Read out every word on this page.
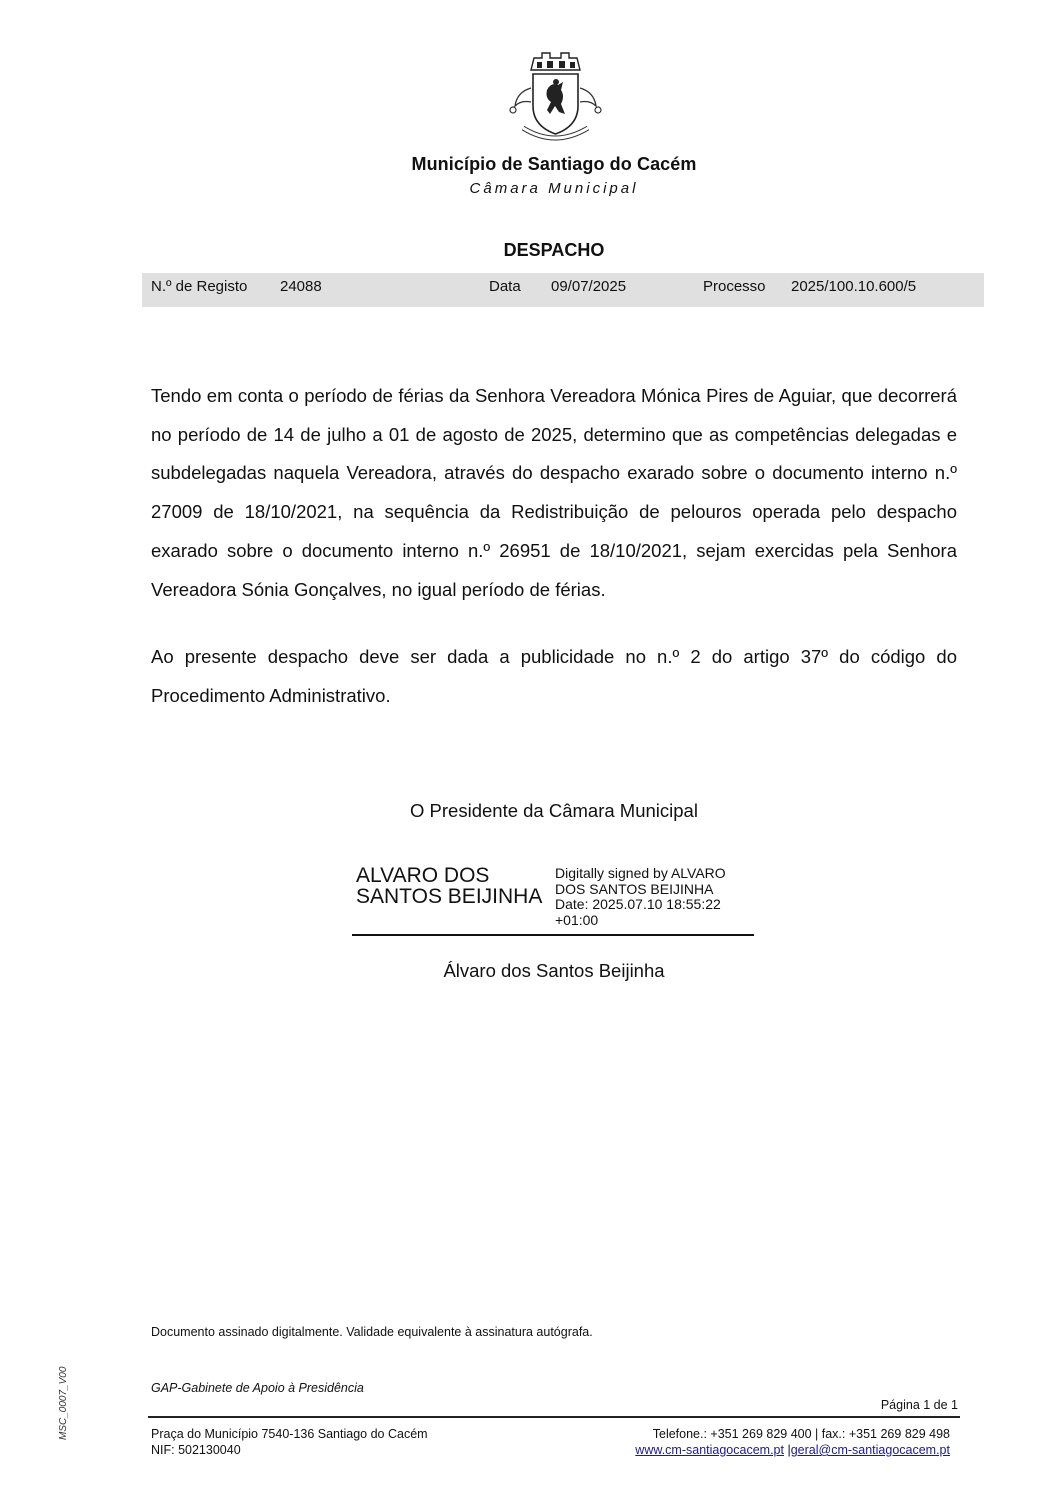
Município de Santiago do Cacém
Câmara Municipal
DESPACHO
N.º de Registo 24088	Data 09/07/2025	Processo 2025/100.10.600/5

Tendo em conta o período de férias da Senhora Vereadora Mónica Pires de Aguiar, que decorrerá no período de 14 de julho a 01 de agosto de 2025, determino que as competências delegadas e subdelegadas naquela Vereadora, através do despacho exarado sobre o documento interno n.º 27009 de 18/10/2021, na sequência da Redistribuição de pelouros operada pelo despacho exarado sobre o documento interno n.º 26951 de 18/10/2021, sejam exercidas pela Senhora Vereadora Sónia Gonçalves, no igual período de férias.

Ao presente despacho deve ser dada a publicidade no n.º 2 do artigo 37º do código do Procedimento Administrativo.

O Presidente da Câmara Municipal
ALVARO DOS
SANTOS BEIJINHA
Digitally signed by ALVARO
DOS SANTOS BEIJINHA
Date: 2025.07.10 18:55:22
+01:00
Álvaro dos Santos Beijinha
Documento assinado digitalmente. Validade equivalente à assinatura autógrafa.
GAP-Gabinete de Apoio à Presidência
Página 1 de 1
Praça do Município 7540-136 Santiago do Cacém
NIF: 502130040
Telefone.: +351 269 829 400 | fax.: +351 269 829 498
www.cm-santiagocacem.pt |geral@cm-santiagocacem.pt
MSC_0007_V00
